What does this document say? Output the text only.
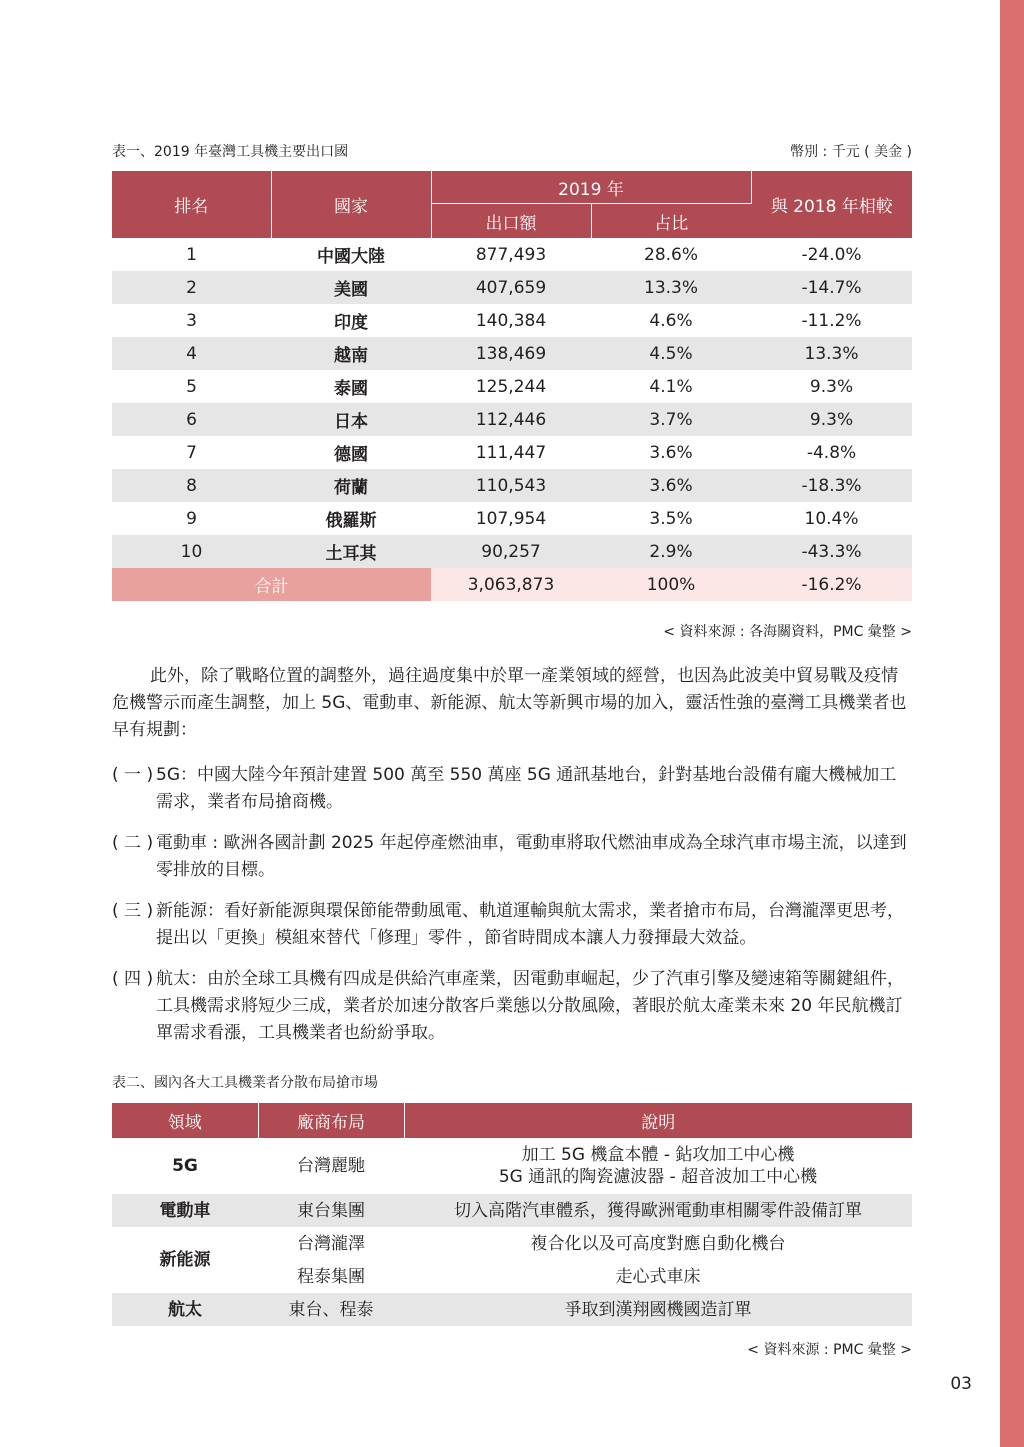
表一、2019 年臺灣工具機主要出口國	幣別 : 千元 ( 美金 )
排名	國家	2019 年		與 2018 年相較
		出口額	占比	
1	中國大陸	877,493	28.6%	-24.0%
2	美國	407,659	13.3%	-14.7%
3	印度	140,384	4.6%	-11.2%
4	越南	138,469	4.5%	13.3%
5	泰國	125,244	4.1%	9.3%
6	日本	112,446	3.7%	9.3%
7	德國	111,447	3.6%	-4.8%
8	荷蘭	110,543	3.6%	-18.3%
9	俄羅斯	107,954	3.5%	10.4%
10	土耳其	90,257	2.9%	-43.3%
合計		3,063,873	100%	-16.2%
< 資料來源 : 各海關資料，PMC 彙整 >

此外，除了戰略位置的調整外，過往過度集中於單一產業領域的經營，也因為此波美中貿易戰及疫情危機警示而產生調整，加上 5G、電動車、新能源、航太等新興市場的加入，靈活性強的臺灣工具機業者也早有規劃：

( 一 ) 5G：中國大陸今年預計建置 500 萬至 550 萬座 5G 通訊基地台，針對基地台設備有龐大機械加工需求，業者布局搶商機。
( 二 ) 電動車 : 歐洲各國計劃 2025 年起停產燃油車，電動車將取代燃油車成為全球汽車市場主流，以達到零排放的目標。
( 三 ) 新能源：看好新能源與環保節能帶動風電、軌道運輸與航太需求，業者搶市布局，台灣瀧澤更思考，提出以「更換」模組來替代「修理」零件 ，節省時間成本讓人力發揮最大效益。
( 四 ) 航太：由於全球工具機有四成是供給汽車產業，因電動車崛起，少了汽車引擎及變速箱等關鍵組件，工具機需求將短少三成，業者於加速分散客戶業態以分散風險，著眼於航太產業未來 20 年民航機訂單需求看漲，工具機業者也紛紛爭取。
表二、國內各大工具機業者分散布局搶市場
領域	廠商布局	說明
5G	台灣麗馳	加工 5G 機盒本體 - 鉆攻加工中心機
5G 通訊的陶瓷濾波器 - 超音波加工中心機

電動車	東台集團	切入高階汽車體系，獲得歐洲電動車相關零件設備訂單
新能源	台灣瀧澤	複合化以及可高度對應自動化機台
	程泰集團	走心式車床
航太	東台、程泰	爭取到漢翔國機國造訂單
< 資料來源 : PMC 彙整 >
03
